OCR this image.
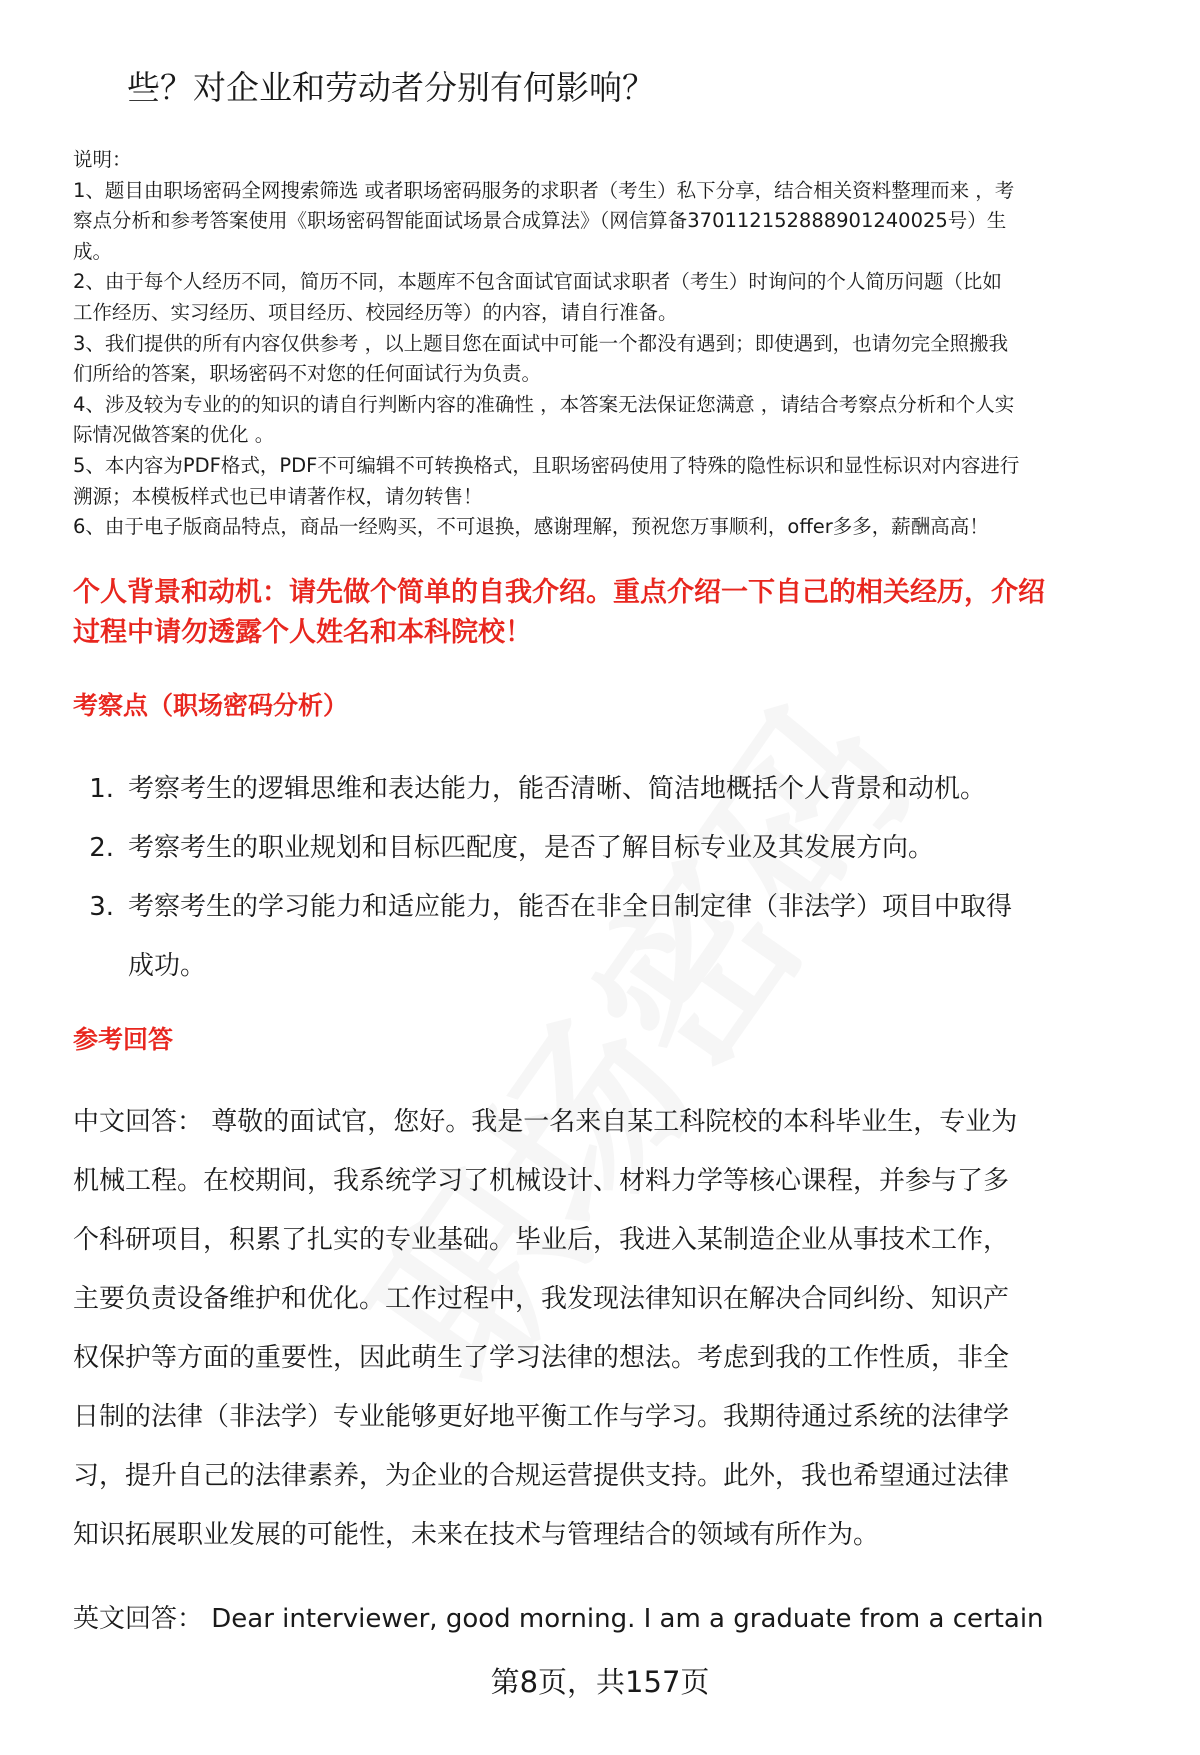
些？对企业和劳动者分别有何影响？
说明：
1、题目由职场密码全网搜索筛选 或者职场密码服务的求职者（考生）私下分享，结合相关资料整理而来 ，考
察点分析和参考答案使用《职场密码智能面试场景合成算法》（网信算备370112152888901240025号）生
成。
2、由于每个人经历不同，简历不同，本题库不包含面试官面试求职者（考生）时询问的个人简历问题（比如
工作经历、实习经历、项目经历、校园经历等）的内容，请自行准备。
3、我们提供的所有内容仅供参考 ，以上题目您在面试中可能一个都没有遇到；即使遇到，也请勿完全照搬我
们所给的答案，职场密码不对您的任何面试行为负责。
4、涉及较为专业的的知识的请自行判断内容的准确性 ，本答案无法保证您满意 ，请结合考察点分析和个人实
际情况做答案的优化 。
5、本内容为PDF格式，PDF不可编辑不可转换格式，且职场密码使用了特殊的隐性标识和显性标识对内容进行
溯源；本模板样式也已申请著作权，请勿转售！
6、由于电子版商品特点，商品一经购买，不可退换，感谢理解，预祝您万事顺利，offer多多，薪酬高高！
个人背景和动机：请先做个简单的自我介绍。重点介绍一下自己的相关经历，介绍
过程中请勿透露个人姓名和本科院校！
考察点（职场密码分析）
1. 考察考生的逻辑思维和表达能力，能否清晰、简洁地概括个人背景和动机。
2. 考察考生的职业规划和目标匹配度，是否了解目标专业及其发展方向。
3. 考察考生的学习能力和适应能力，能否在非全日制定律（非法学）项目中取得
成功。
参考回答
中文回答： 尊敬的面试官，您好。我是一名来自某工科院校的本科毕业生，专业为
机械工程。在校期间，我系统学习了机械设计、材料力学等核心课程，并参与了多
个科研项目，积累了扎实的专业基础。毕业后，我进入某制造企业从事技术工作，
主要负责设备维护和优化。工作过程中，我发现法律知识在解决合同纠纷、知识产
权保护等方面的重要性，因此萌生了学习法律的想法。考虑到我的工作性质，非全
日制的法律（非法学）专业能够更好地平衡工作与学习。我期待通过系统的法律学
习，提升自己的法律素养，为企业的合规运营提供支持。此外，我也希望通过法律
知识拓展职业发展的可能性，未来在技术与管理结合的领域有所作为。
英文回答： Dear interviewer, good morning. I am a graduate from a certain
第8页，共157页
